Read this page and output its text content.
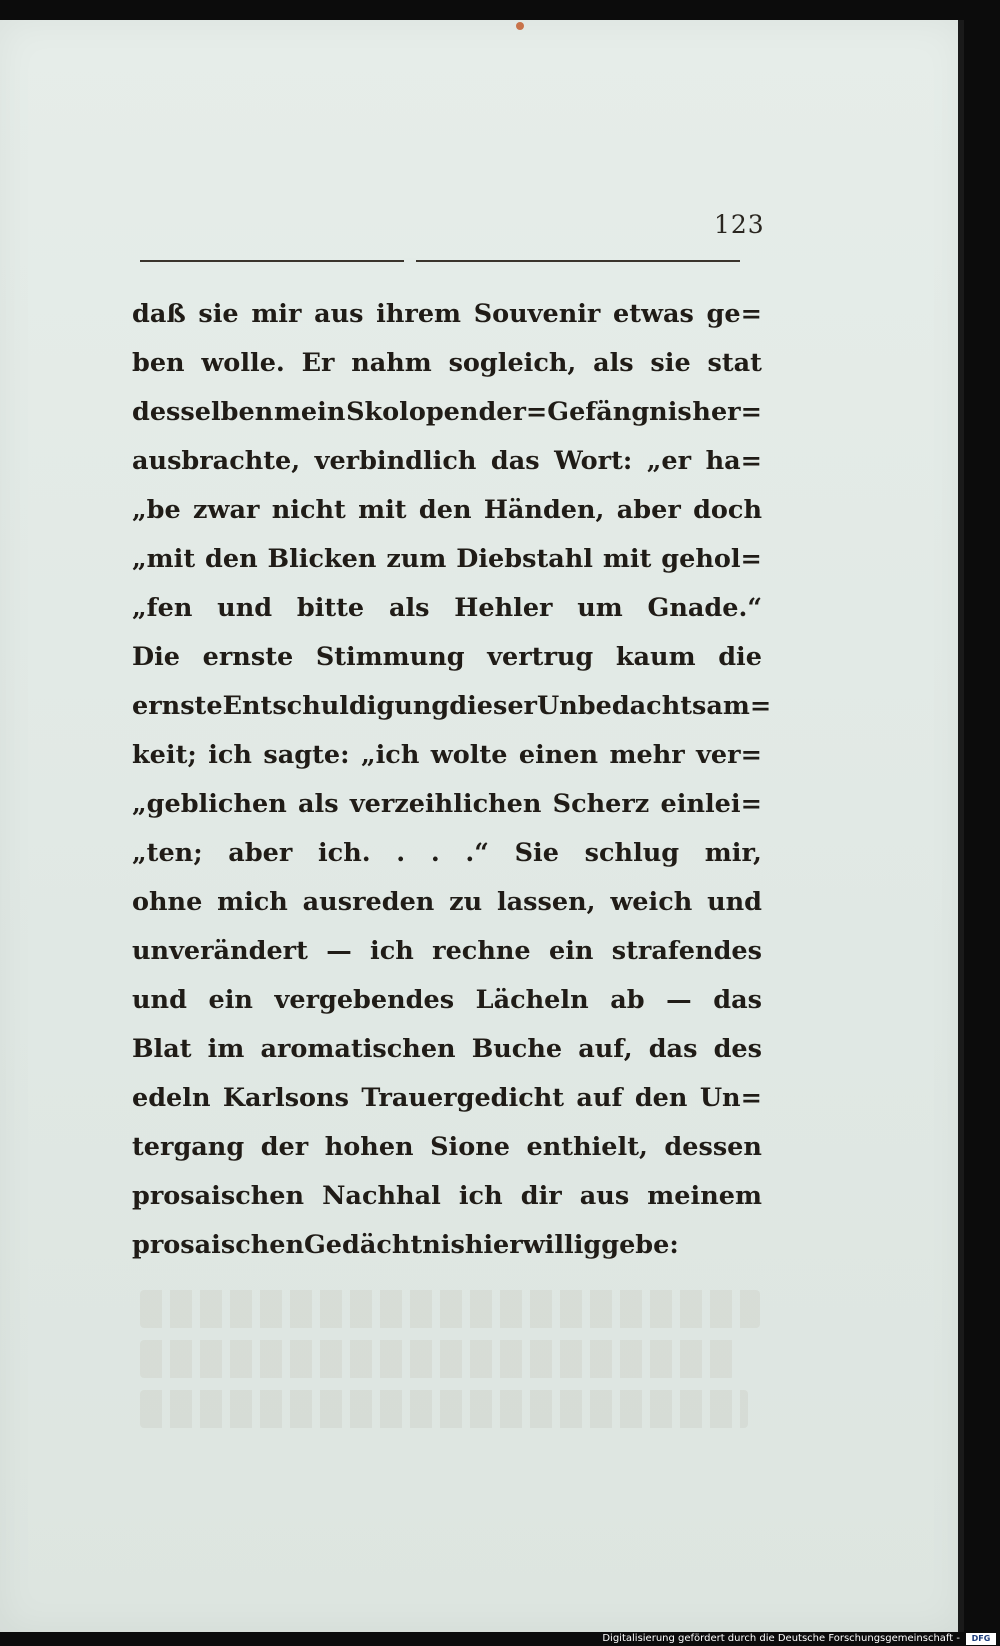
123
daß sie mir aus ihrem Souvenir etwas ge=
ben wolle. Er nahm sogleich, als sie stat
desselben mein Skolopender=Gefängnis her=
ausbrachte, verbindlich das Wort: „er ha=
„be zwar nicht mit den Händen, aber doch
„mit den Blicken zum Diebstahl mit gehol=
„fen und bitte als Hehler um Gnade.“
Die ernste Stimmung vertrug kaum die
ernste Entschuldigung dieser Unbedachtsam=
keit; ich sagte: „ich wolte einen mehr ver=
„geblichen als verzeihlichen Scherz einlei=
„ten; aber ich. . . .“ Sie schlug mir,
ohne mich ausreden zu lassen, weich und
unverändert — ich rechne ein strafendes
und ein vergebendes Lächeln ab — das
Blat im aromatischen Buche auf, das des
edeln Karlsons Trauergedicht auf den Un=
tergang der hohen Sione enthielt, dessen
prosaischen Nachhal ich dir aus meinem
prosaischen Gedächtnis hier willig gebe:
Digitalisierung gefördert durch die Deutsche Forschungsgemeinschaft -	DFG
